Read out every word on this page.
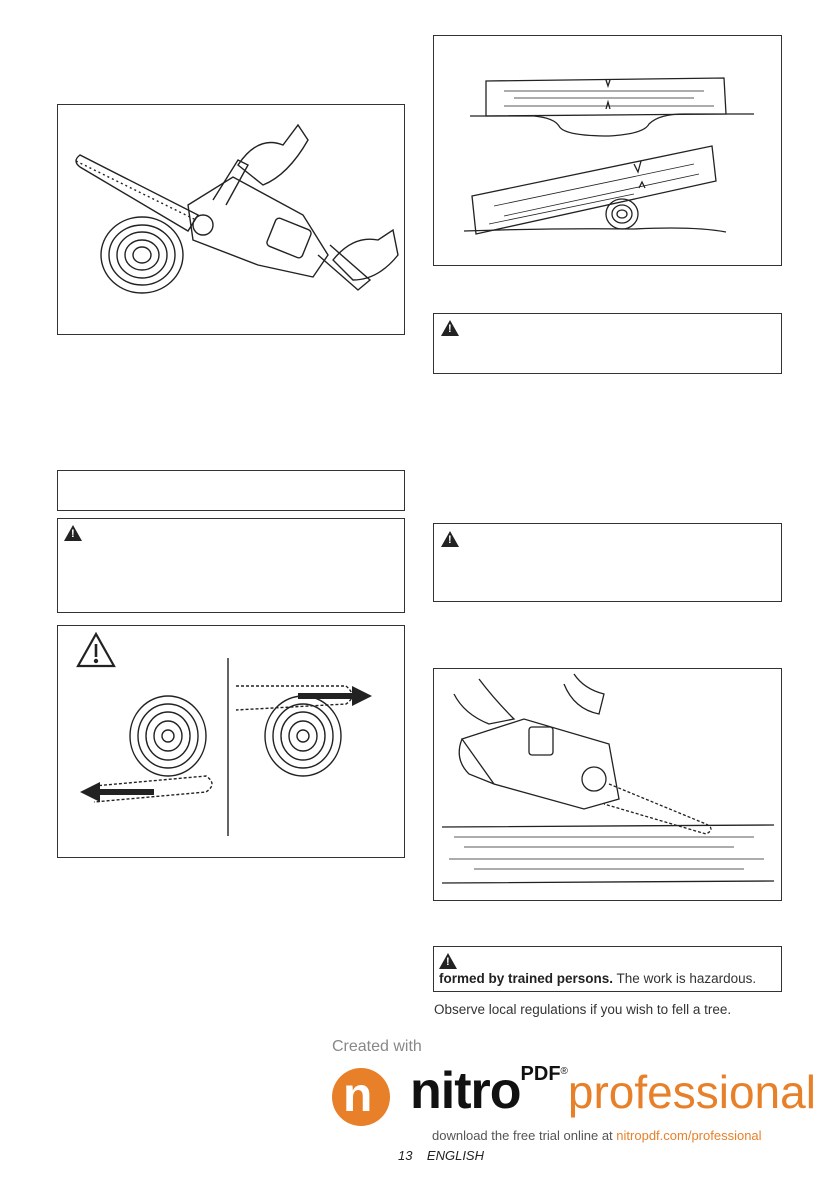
!
!
!
!
formed by trained persons. The work is hazardous.
Observe local regulations if you wish to fell a tree.
Created with
n nitro$^{PDF®}$professional
download the free trial online at nitropdf.com/professional
13 ENGLISH
